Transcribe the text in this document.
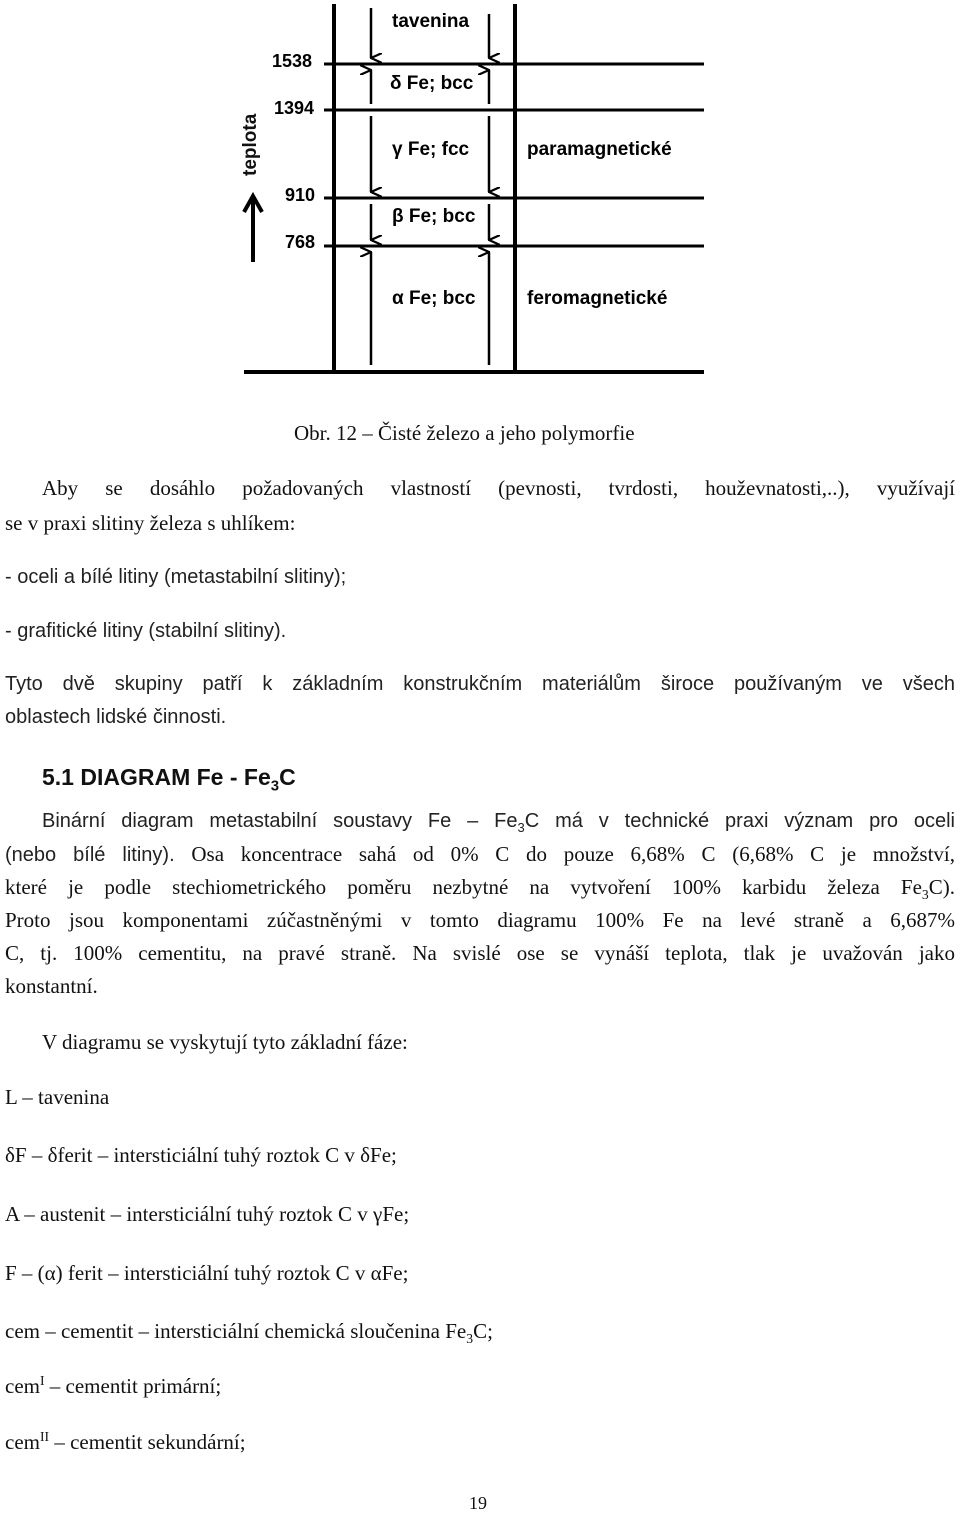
teplota
1538
1394
910
768
tavenina
δ Fe; bcc
γ Fe; fcc
β Fe; bcc
α Fe; bcc
paramagnetické
feromagnetické
Obr. 12 – Čisté železo a jeho polymorfie
Aby se dosáhlo požadovaných vlastností (pevnosti, tvrdosti, houževnatosti,..), využívají
se v praxi slitiny železa s uhlíkem:
- oceli a bílé litiny (metastabilní slitiny);
- grafitické litiny (stabilní slitiny).
Tyto dvě skupiny patří k základním konstrukčním materiálům široce používaným ve všech
oblastech lidské činnosti.
5.1 DIAGRAM Fe - $Fe_3C$
Binární diagram metastabilní soustavy Fe – $Fe_3C$ má v technické praxi význam pro oceli
(nebo bílé litiny). Osa koncentrace sahá od 0% C do pouze 6,68% C (6,68% C je množství,
které je podle stechiometrického poměru nezbytné na vytvoření 100% karbidu železa $Fe_3C$).
Proto jsou komponentami zúčastněnými v tomto diagramu 100% Fe na levé straně a 6,687%
C, tj. 100% cementitu, na pravé straně. Na svislé ose se vynáší teplota, tlak je uvažován jako
konstantní.
V diagramu se vyskytují tyto základní fáze:
L – tavenina
δF – δferit – intersticiální tuhý roztok C v δFe;
A – austenit – intersticiální tuhý roztok C v γFe;
F – (α) ferit – intersticiální tuhý roztok C v αFe;
cem – cementit – intersticiální chemická sloučenina $Fe_3C$;
cem$^I$ – cementit primární;
cem$^{II}$ – cementit sekundární;
19
